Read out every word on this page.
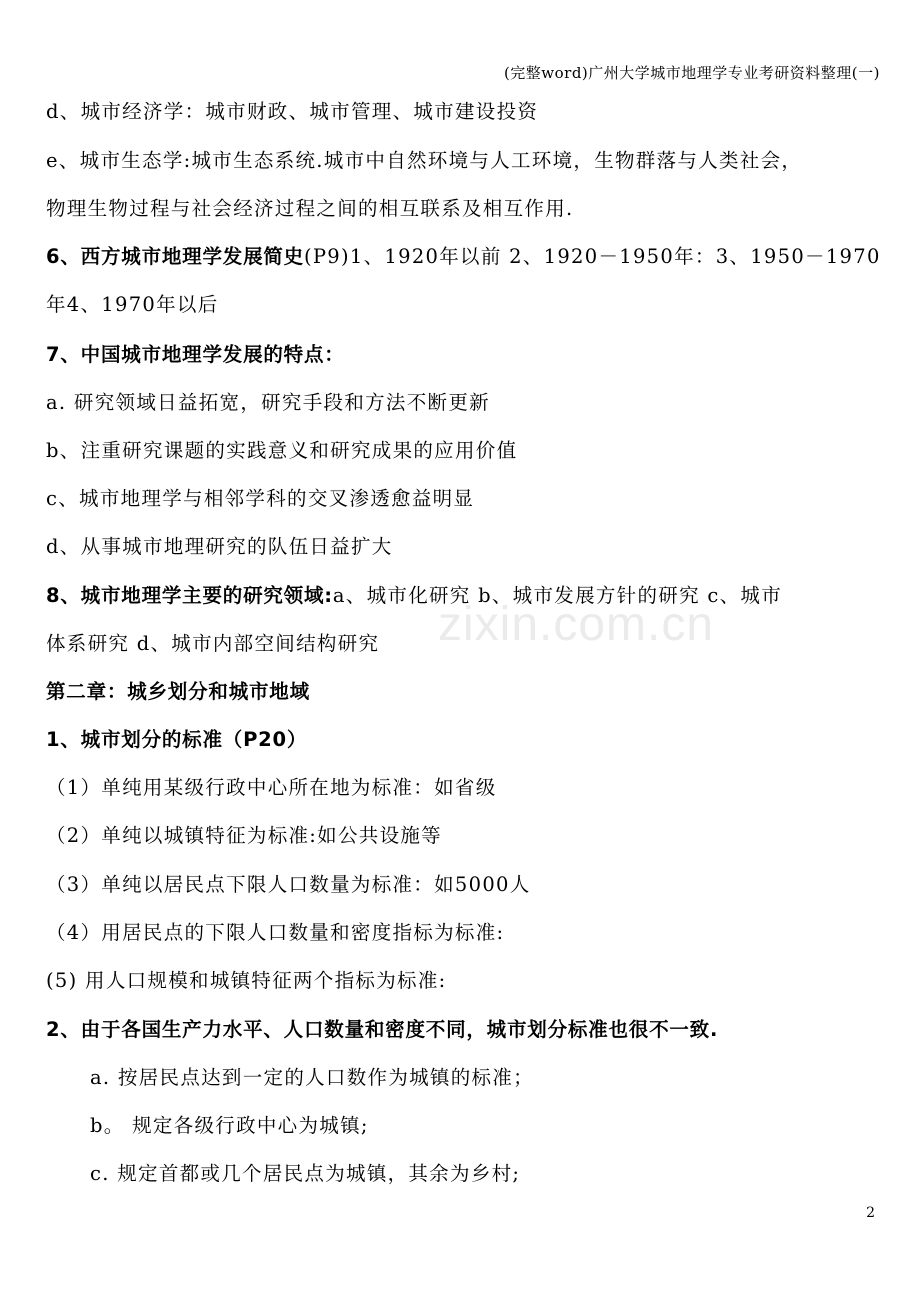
(完整word)广州大学城市地理学专业考研资料整理(一)
zixin.com.cn
d、城市经济学：城市财政、城市管理、城市建设投资
e、城市生态学:城市生态系统.城市中自然环境与人工环境，生物群落与人类社会，
物理生物过程与社会经济过程之间的相互联系及相互作用.
6、西方城市地理学发展简史(P9)1、1920年以前 2、1920－1950年：3、1950－1970
年4、1970年以后
7、中国城市地理学发展的特点：
a. 研究领域日益拓宽，研究手段和方法不断更新
b、注重研究课题的实践意义和研究成果的应用价值
c、城市地理学与相邻学科的交叉渗透愈益明显
d、从事城市地理研究的队伍日益扩大
8、城市地理学主要的研究领域:a、城市化研究 b、城市发展方针的研究 c、城市
体系研究 d、城市内部空间结构研究
第二章：城乡划分和城市地域
1、城市划分的标准（P20）
（1）单纯用某级行政中心所在地为标准：如省级
（2）单纯以城镇特征为标准:如公共设施等
（3）单纯以居民点下限人口数量为标准：如5000人
（4）用居民点的下限人口数量和密度指标为标准:
(5) 用人口规模和城镇特征两个指标为标准:
2、由于各国生产力水平、人口数量和密度不同，城市划分标准也很不一致.
a. 按居民点达到一定的人口数作为城镇的标准；
b。 规定各级行政中心为城镇;
c. 规定首都或几个居民点为城镇，其余为乡村;
2
